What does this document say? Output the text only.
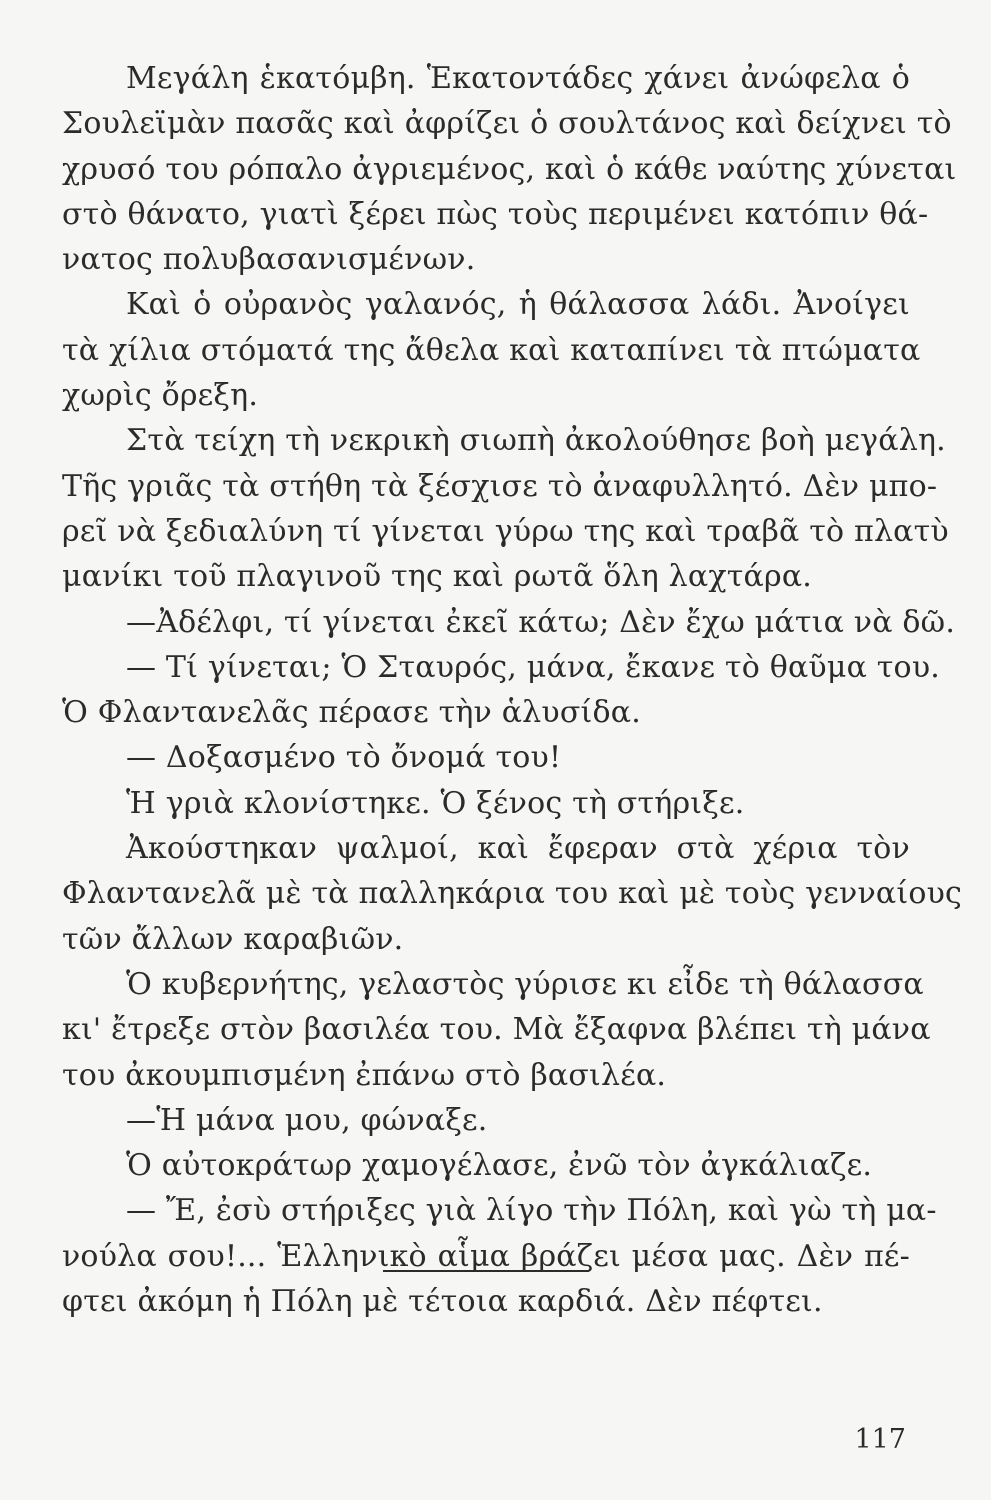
Μεγάλη ἑκατόμβη. Ἑκατοντάδες χάνει ἀνώφελα ὁ
Σουλεϊμὰν πασᾶς καὶ ἀφρίζει ὁ σουλτάνος καὶ δείχνει τὸ
χρυσό του ρόπαλο ἀγριεμένος, καὶ ὁ κάθε ναύτης χύνεται
στὸ θάνατο, γιατὶ ξέρει πὼς τοὺς περιμένει κατόπιν θά-
νατος πολυβασανισμένων.
Καὶ ὁ οὐρανὸς γαλανός, ἡ θάλασσα λάδι. Ἀνοίγει
τὰ χίλια στόματά της ἄθελα καὶ καταπίνει τὰ πτώματα
χωρὶς ὄρεξη.
Στὰ τείχη τὴ νεκρικὴ σιωπὴ ἀκολούθησε βοὴ μεγάλη.
Τῆς γριᾶς τὰ στήθη τὰ ξέσχισε τὸ ἀναφυλλητό. Δὲν μπο-
ρεῖ νὰ ξεδιαλύνη τί γίνεται γύρω της καὶ τραβᾶ τὸ πλατὺ
μανίκι τοῦ πλαγινοῦ της καὶ ρωτᾶ ὅλη λαχτάρα.
—Ἀδέλφι, τί γίνεται ἐκεῖ κάτω; Δὲν ἔχω μάτια νὰ δῶ.
— Τί γίνεται; Ὁ Σταυρός, μάνα, ἔκανε τὸ θαῦμα του.
Ὁ Φλαντανελᾶς πέρασε τὴν ἁλυσίδα.
— Δοξασμένο τὸ ὄνομά του!
Ἡ γριὰ κλονίστηκε. Ὁ ξένος τὴ στήριξε.
Ἀκούστηκαν ψαλμοί, καὶ ἔφεραν στὰ χέρια τὸν
Φλαντανελᾶ μὲ τὰ παλληκάρια του καὶ μὲ τοὺς γενναίους
τῶν ἄλλων καραβιῶν.
Ὁ κυβερνήτης, γελαστὸς γύρισε κι εἶδε τὴ θάλασσα
κι' ἔτρεξε στὸν βασιλέα του. Μὰ ἔξαφνα βλέπει τὴ μάνα
του ἀκουμπισμένη ἐπάνω στὸ βασιλέα.
—Ἡ μάνα μου, φώναξε.
Ὁ αὐτοκράτωρ χαμογέλασε, ἐνῶ τὸν ἀγκάλιαζε.
— Ἔ, ἐσὺ στήριξες γιὰ λίγο τὴν Πόλη, καὶ γὼ τὴ μα-
νούλα σου!... Ἑλληνικὸ αἷμα βράζει μέσα μας. Δὲν πέ-
φτει ἀκόμη ἡ Πόλη μὲ τέτοια καρδιά. Δὲν πέφτει.
117
